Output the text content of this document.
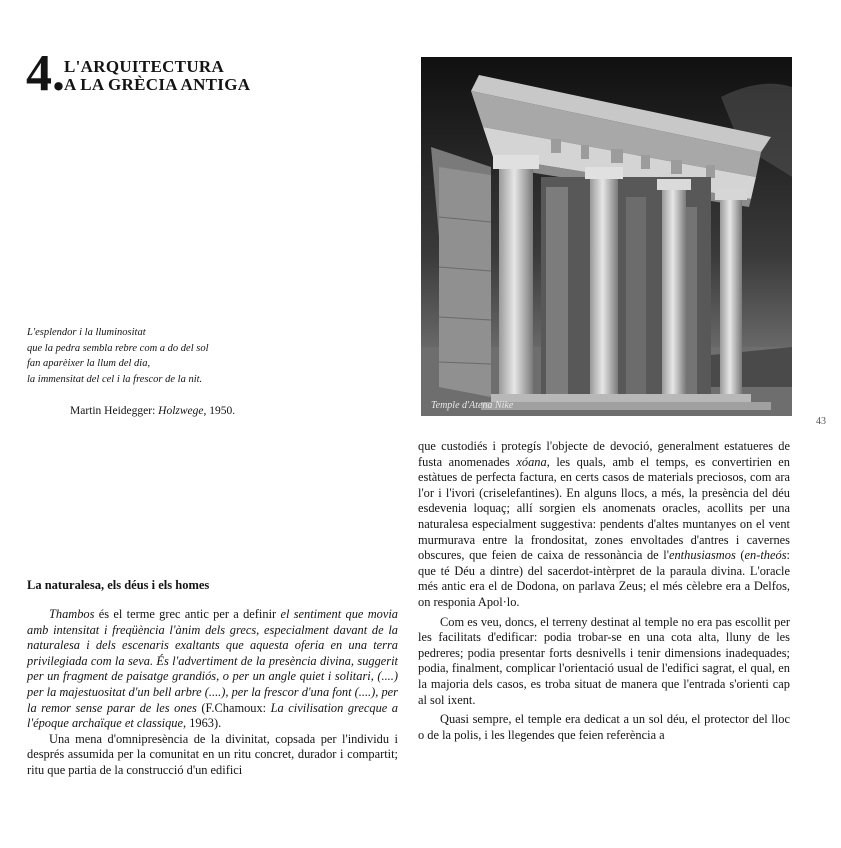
4. L'ARQUITECTURA
A LA GRÈCIA ANTIGA
Temple d'Atena Nike
43
L'esplendor i la lluminositat
que la pedra sembla rebre com a do del sol
fan aparèixer la llum del dia,
la immensitat del cel i la frescor de la nit.
Martin Heidegger: Holzwege, 1950.
La naturalesa, els déus i els homes

Thambos és el terme grec antic per a definir el sentiment que movia amb intensitat i freqüència l'ànim dels grecs, especialment davant de la naturalesa i dels escenaris exaltants que aquesta oferia en una terra privilegiada com la seva. És l'advertiment de la presència divina, suggerit per un fragment de paisatge grandiós, o per un angle quiet i solitari, (....) per la majestuositat d'un bell arbre (....), per la frescor d'una font (....), per la remor sense parar de les ones (F.Chamoux: La civilisation grecque a l'époque archaïque et classique, 1963).

Una mena d'omnipresència de la divinitat, copsada per l'individu i després assumida per la comunitat en un ritu concret, durador i compartit; ritu que partia de la construcció d'un edifici

que custodiés i protegís l'objecte de devoció, generalment estatueres de fusta anomenades xóana, les quals, amb el temps, es convertirien en estàtues de perfecta factura, en certs casos de materials preciosos, com ara l'or i l'ivori (criselefantines). En alguns llocs, a més, la presència del déu esdevenia loquaç; allí sorgien els anomenats oracles, acollits per una naturalesa especialment suggestiva: pendents d'altes muntanyes on el vent murmurava entre la frondositat, zones envoltades d'antres i cavernes obscures, que feien de caixa de ressonància de l'enthusiasmos (en-theós: que té Déu a dintre) del sacerdot-intèrpret de la paraula divina. L'oracle més antic era el de Dodona, on parlava Zeus; el més cèlebre era a Delfos, on responia Apol·lo.

Com es veu, doncs, el terreny destinat al temple no era pas escollit per les facilitats d'edificar: podia trobar-se en una cota alta, lluny de les pedreres; podia presentar forts desnivells i tenir dimensions inadequades; podia, finalment, complicar l'orientació usual de l'edifici sagrat, el qual, en la majoria dels casos, es troba situat de manera que l'entrada s'orienti cap al sol ixent.

Quasi sempre, el temple era dedicat a un sol déu, el protector del lloc o de la polis, i les llegendes que feien referència a
